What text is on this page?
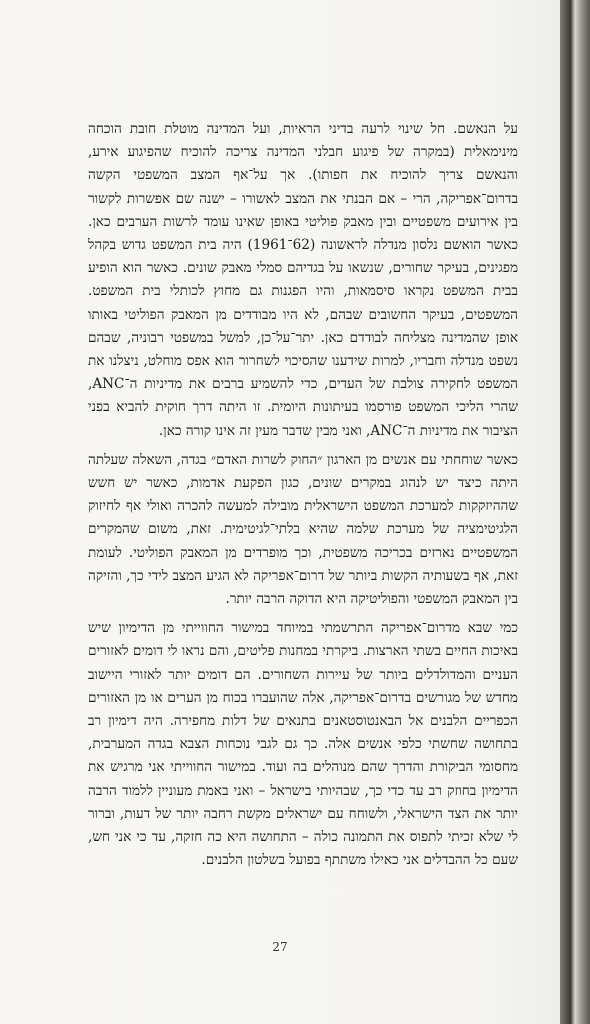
על הנאשם. חל שינוי לרעה בדיני הראיות, ועל המדינה מוטלת חובת הוכחה מינימאלית (במקרה של פיגוע חבלני המדינה צריכה להוכיח שהפיגוע אירע, והנאשם צריך להוכיח את חפותו). אך על־אף המצב המשפטי הקשה בדרום־אפריקה, הרי – אם הבנתי את המצב לאשורו – ישנה שם אפשרות לקשור בין אירועים משפטיים ובין מאבק פוליטי באופן שאינו עומד לרשות הערבים כאן. כאשר הואשם נלסון מנדלה לראשונה (62־1961) היה בית המשפט גדוש בקהל מפגינים, בעיקר שחורים, שנשאו על בגדיהם סמלי מאבק שונים. כאשר הוא הופיע בבית המשפט נקראו סיסמאות, והיו הפגנות גם מחוץ לכותלי בית המשפט. המשפטים, בעיקר החשובים שבהם, לא היו מבודדים מן המאבק הפוליטי באותו אופן שהמדינה מצליחה לבודדם כאן. יתר־על־כן, למשל במשפטי רבוניה, שבהם נשפט מנדלה וחבריו, למרות שידענו שהסיכוי לשחרור הוא אפס מוחלט, ניצלנו את המשפט לחקירה צולבת של העדים, כדי להשמיע ברבים את מדיניות ה־ANC, שהרי הליכי המשפט פורסמו בעיתונות היומית. זו היתה דרך חוקית להביא בפני הציבור את מדיניות ה־ANC, ואני מבין שדבר מעין זה אינו קורה כאן.

כאשר שוחחתי עם אנשים מן הארגון ״החוק לשרות האדם״ בגדה, השאלה שעלתה היתה כיצד יש לנהוג במקרים שונים, כגון הפקעת אדמות, כאשר יש חשש שההיזקקות למערכת המשפט הישראלית מובילה למעשה להכרה ואולי אף לחיזוק הלגיטימציה של מערכת שלמה שהיא בלתי־לגיטימית. זאת, משום שהמקרים המשפטיים נארזים בכריכה משפטית, וכך מופרדים מן המאבק הפוליטי. לעומת זאת, אף בשעותיה הקשות ביותר של דרום־אפריקה לא הגיע המצב לידי כך, והזיקה בין המאבק המשפטי והפוליטיקה היא הדוקה הרבה יותר.

כמי שבא מדרום־אפריקה התרשמתי במיוחד במישור החווייתי מן הדימיון שיש באיכות החיים בשתי הארצות. ביקרתי במחנות פליטים, והם נראו לי דומים לאזורים העניים והמדולדלים ביותר של עיירות השחורים. הם דומים יותר לאזורי היישוב מחדש של מגורשים בדרום־אפריקה, אלה שהועברו בכוח מן הערים או מן האזורים הכפריים הלבנים אל הבאנטוסטאנים בתנאים של דלות מחפירה. היה דימיון רב בתחושה שחשתי כלפי אנשים אלה. כך גם לגבי נוכחות הצבא בגדה המערבית, מחסומי הביקורת והדרך שהם מנוהלים בה ועוד. במישור החווייתי אני מרגיש את הדימיון בחוזק רב עד כדי כך, שבהיותי בישראל – ואני באמת מעוניין ללמוד הרבה יותר את הצד הישראלי, ולשוחח עם ישראלים מקשת רחבה יותר של דעות, וברור לי שלא זכיתי לתפוס את התמונה כולה – התחושה היא כה חזקה, עד כי אני חש, שעם כל ההבדלים אני כאילו משתתף בפועל בשלטון הלבנים.

27
